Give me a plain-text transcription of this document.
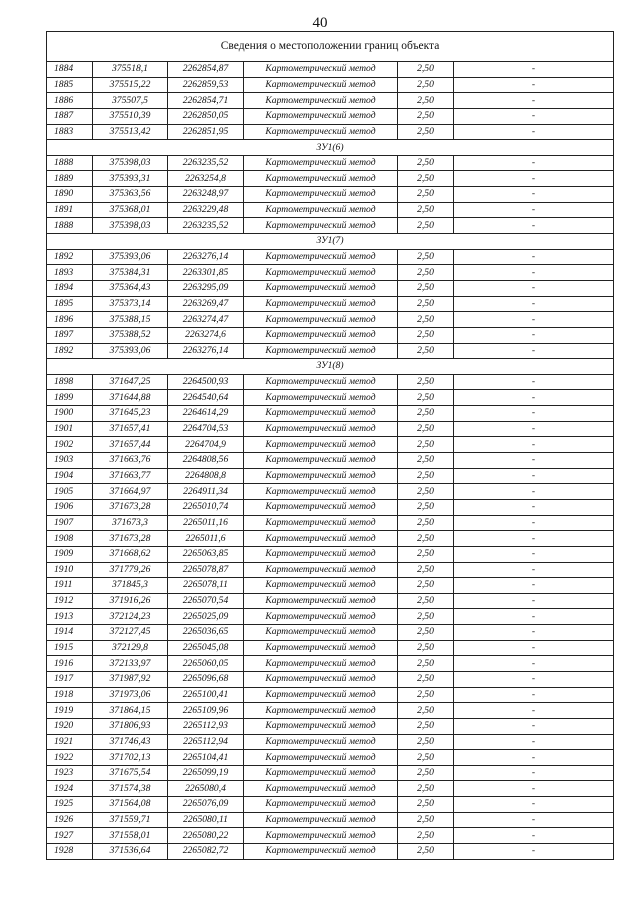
40
Сведения о местоположении границ объекта					
1884	375518,1	2262854,87	Картометрический метод	2,50	-
1885	375515,22	2262859,53	Картометрический метод	2,50	-
1886	375507,5	2262854,71	Картометрический метод	2,50	-
1887	375510,39	2262850,05	Картометрический метод	2,50	-
1883	375513,42	2262851,95	Картометрический метод	2,50	-
ЗУ1(6)					
1888	375398,03	2263235,52	Картометрический метод	2,50	-
1889	375393,31	2263254,8	Картометрический метод	2,50	-
1890	375363,56	2263248,97	Картометрический метод	2,50	-
1891	375368,01	2263229,48	Картометрический метод	2,50	-
1888	375398,03	2263235,52	Картометрический метод	2,50	-
ЗУ1(7)					
1892	375393,06	2263276,14	Картометрический метод	2,50	-
1893	375384,31	2263301,85	Картометрический метод	2,50	-
1894	375364,43	2263295,09	Картометрический метод	2,50	-
1895	375373,14	2263269,47	Картометрический метод	2,50	-
1896	375388,15	2263274,47	Картометрический метод	2,50	-
1897	375388,52	2263274,6	Картометрический метод	2,50	-
1892	375393,06	2263276,14	Картометрический метод	2,50	-
ЗУ1(8)					
1898	371647,25	2264500,93	Картометрический метод	2,50	-
1899	371644,88	2264540,64	Картометрический метод	2,50	-
1900	371645,23	2264614,29	Картометрический метод	2,50	-
1901	371657,41	2264704,53	Картометрический метод	2,50	-
1902	371657,44	2264704,9	Картометрический метод	2,50	-
1903	371663,76	2264808,56	Картометрический метод	2,50	-
1904	371663,77	2264808,8	Картометрический метод	2,50	-
1905	371664,97	2264911,34	Картометрический метод	2,50	-
1906	371673,28	2265010,74	Картометрический метод	2,50	-
1907	371673,3	2265011,16	Картометрический метод	2,50	-
1908	371673,28	2265011,6	Картометрический метод	2,50	-
1909	371668,62	2265063,85	Картометрический метод	2,50	-
1910	371779,26	2265078,87	Картометрический метод	2,50	-
1911	371845,3	2265078,11	Картометрический метод	2,50	-
1912	371916,26	2265070,54	Картометрический метод	2,50	-
1913	372124,23	2265025,09	Картометрический метод	2,50	-
1914	372127,45	2265036,65	Картометрический метод	2,50	-
1915	372129,8	2265045,08	Картометрический метод	2,50	-
1916	372133,97	2265060,05	Картометрический метод	2,50	-
1917	371987,92	2265096,68	Картометрический метод	2,50	-
1918	371973,06	2265100,41	Картометрический метод	2,50	-
1919	371864,15	2265109,96	Картометрический метод	2,50	-
1920	371806,93	2265112,93	Картометрический метод	2,50	-
1921	371746,43	2265112,94	Картометрический метод	2,50	-
1922	371702,13	2265104,41	Картометрический метод	2,50	-
1923	371675,54	2265099,19	Картометрический метод	2,50	-
1924	371574,38	2265080,4	Картометрический метод	2,50	-
1925	371564,08	2265076,09	Картометрический метод	2,50	-
1926	371559,71	2265080,11	Картометрический метод	2,50	-
1927	371558,01	2265080,22	Картометрический метод	2,50	-
1928	371536,64	2265082,72	Картометрический метод	2,50	-
